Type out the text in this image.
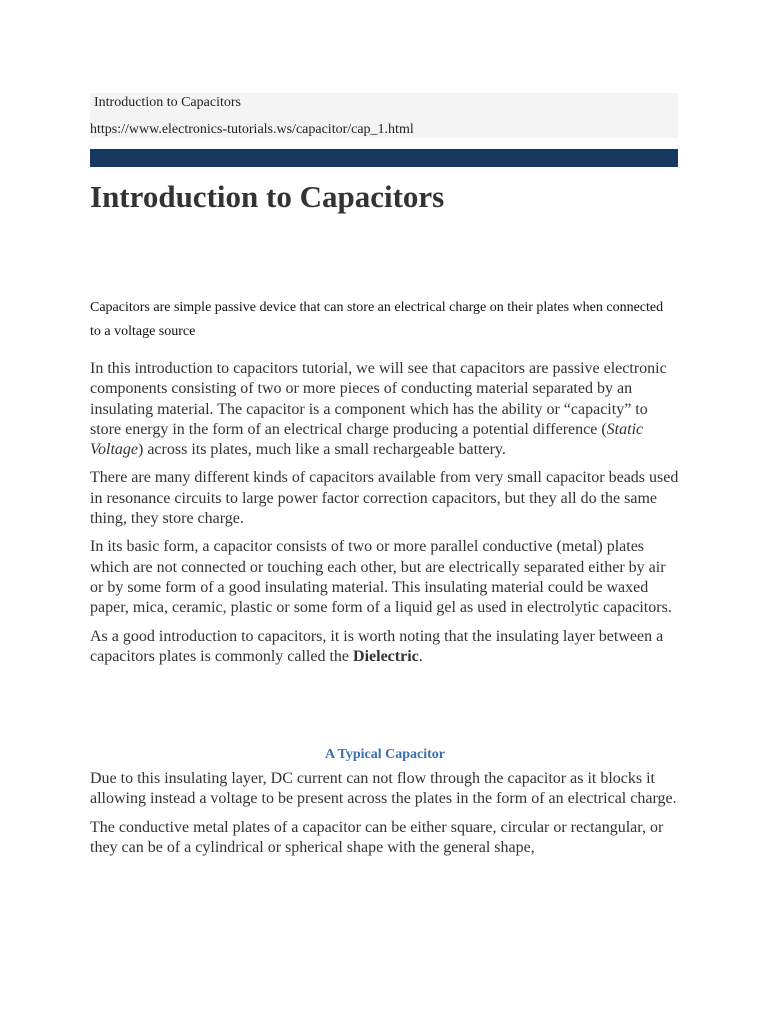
Introduction to Capacitors
https://www.electronics-tutorials.ws/capacitor/cap_1.html
Introduction to Capacitors
Capacitors are simple passive device that can store an electrical charge on their plates when connected to a voltage source

In this introduction to capacitors tutorial, we will see that capacitors are passive electronic components consisting of two or more pieces of conducting material separated by an insulating material. The capacitor is a component which has the ability or “capacity” to store energy in the form of an electrical charge producing a potential difference (Static Voltage) across its plates, much like a small rechargeable battery.

There are many different kinds of capacitors available from very small capacitor beads used in resonance circuits to large power factor correction capacitors, but they all do the same thing, they store charge.

In its basic form, a capacitor consists of two or more parallel conductive (metal) plates which are not connected or touching each other, but are electrically separated either by air or by some form of a good insulating material. This insulating material could be waxed paper, mica, ceramic, plastic or some form of a liquid gel as used in electrolytic capacitors.

As a good introduction to capacitors, it is worth noting that the insulating layer between a capacitors plates is commonly called the Dielectric.

A Typical Capacitor

Due to this insulating layer, DC current can not flow through the capacitor as it blocks it allowing instead a voltage to be present across the plates in the form of an electrical charge.

The conductive metal plates of a capacitor can be either square, circular or rectangular, or they can be of a cylindrical or spherical shape with the general shape,
